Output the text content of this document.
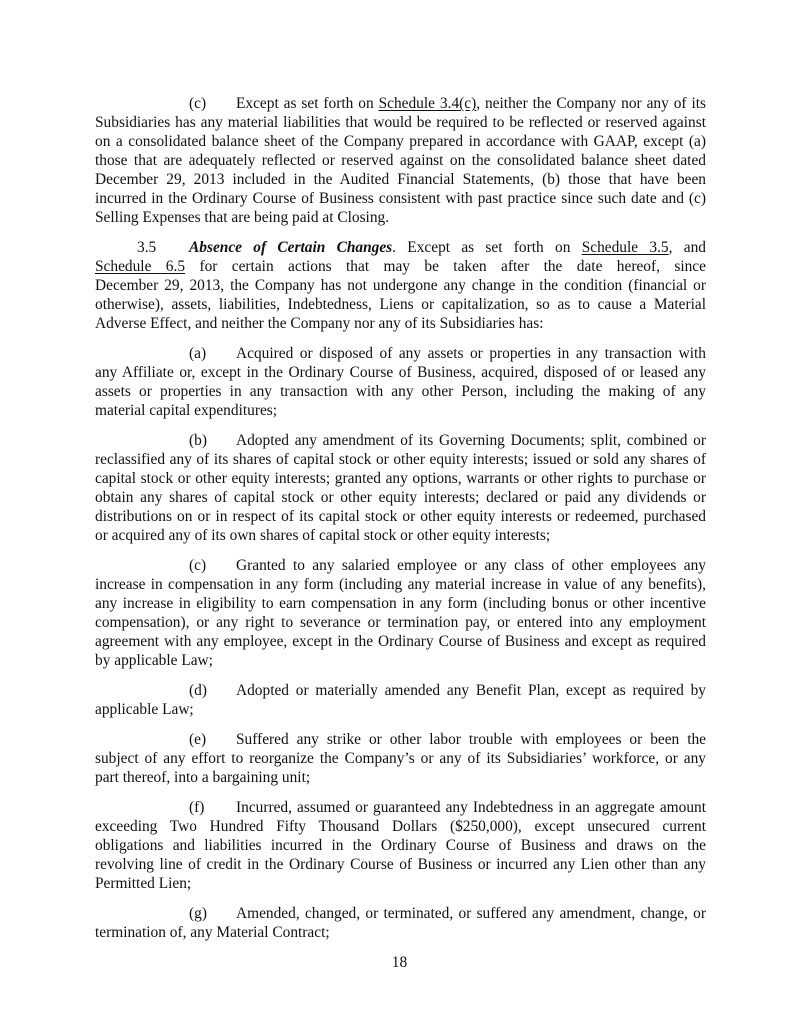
(c) Except as set forth on Schedule 3.4(c), neither the Company nor any of its
Subsidiaries has any material liabilities that would be required to be reflected or reserved against
on a consolidated balance sheet of the Company prepared in accordance with GAAP, except (a)
those that are adequately reflected or reserved against on the consolidated balance sheet dated
December 29, 2013 included in the Audited Financial Statements, (b) those that have been
incurred in the Ordinary Course of Business consistent with past practice since such date and (c)
Selling Expenses that are being paid at Closing.
3.5 Absence of Certain Changes. Except as set forth on Schedule 3.5, and
Schedule 6.5 for certain actions that may be taken after the date hereof, since
December 29, 2013, the Company has not undergone any change in the condition (financial or
otherwise), assets, liabilities, Indebtedness, Liens or capitalization, so as to cause a Material
Adverse Effect, and neither the Company nor any of its Subsidiaries has:
(a) Acquired or disposed of any assets or properties in any transaction with
any Affiliate or, except in the Ordinary Course of Business, acquired, disposed of or leased any
assets or properties in any transaction with any other Person, including the making of any
material capital expenditures;
(b) Adopted any amendment of its Governing Documents; split, combined or
reclassified any of its shares of capital stock or other equity interests; issued or sold any shares of
capital stock or other equity interests; granted any options, warrants or other rights to purchase or
obtain any shares of capital stock or other equity interests; declared or paid any dividends or
distributions on or in respect of its capital stock or other equity interests or redeemed, purchased
or acquired any of its own shares of capital stock or other equity interests;
(c) Granted to any salaried employee or any class of other employees any
increase in compensation in any form (including any material increase in value of any benefits),
any increase in eligibility to earn compensation in any form (including bonus or other incentive
compensation), or any right to severance or termination pay, or entered into any employment
agreement with any employee, except in the Ordinary Course of Business and except as required
by applicable Law;
(d) Adopted or materially amended any Benefit Plan, except as required by
applicable Law;
(e) Suffered any strike or other labor trouble with employees or been the
subject of any effort to reorganize the Company’s or any of its Subsidiaries’ workforce, or any
part thereof, into a bargaining unit;
(f) Incurred, assumed or guaranteed any Indebtedness in an aggregate amount
exceeding Two Hundred Fifty Thousand Dollars ($250,000), except unsecured current
obligations and liabilities incurred in the Ordinary Course of Business and draws on the
revolving line of credit in the Ordinary Course of Business or incurred any Lien other than any
Permitted Lien;
(g) Amended, changed, or terminated, or suffered any amendment, change, or
termination of, any Material Contract;
18
